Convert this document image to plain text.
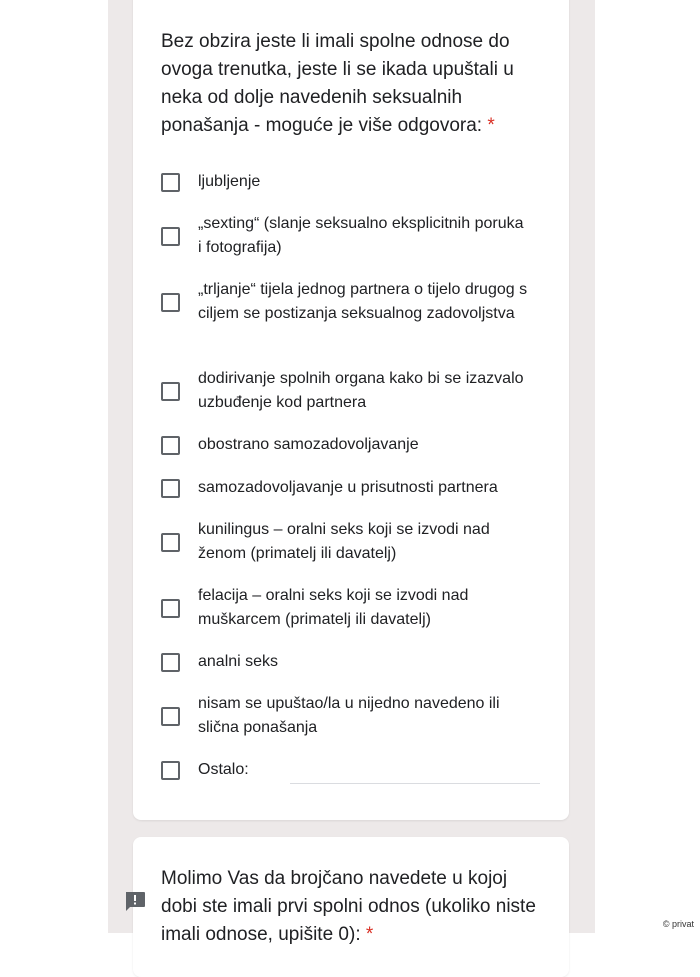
Bez obzira jeste li imali spolne odnose do ovoga trenutka, jeste li se ikada upuštali u neka od dolje navedenih seksualnih ponašanja - moguće je više odgovora: *
ljubljenje
„sexting“ (slanje seksualno eksplicitnih poruka i fotografija)
„trljanje“ tijela jednog partnera o tijelo drugog s ciljem se postizanja seksualnog zadovoljstva
dodirivanje spolnih organa kako bi se izazvalo uzbuđenje kod partnera
obostrano samozadovoljavanje
samozadovoljavanje u prisutnosti partnera
kunilingus – oralni seks koji se izvodi nad ženom (primatelj ili davatelj)
felacija – oralni seks koji se izvodi nad muškarcem (primatelj ili davatelj)
analni seks
nisam se upuštao/la u nijedno navedeno ili slična ponašanja
Ostalo:
Molimo Vas da brojčano navedete u kojoj dobi ste imali prvi spolni odnos (ukoliko niste imali odnose, upišite 0): *	© privat
